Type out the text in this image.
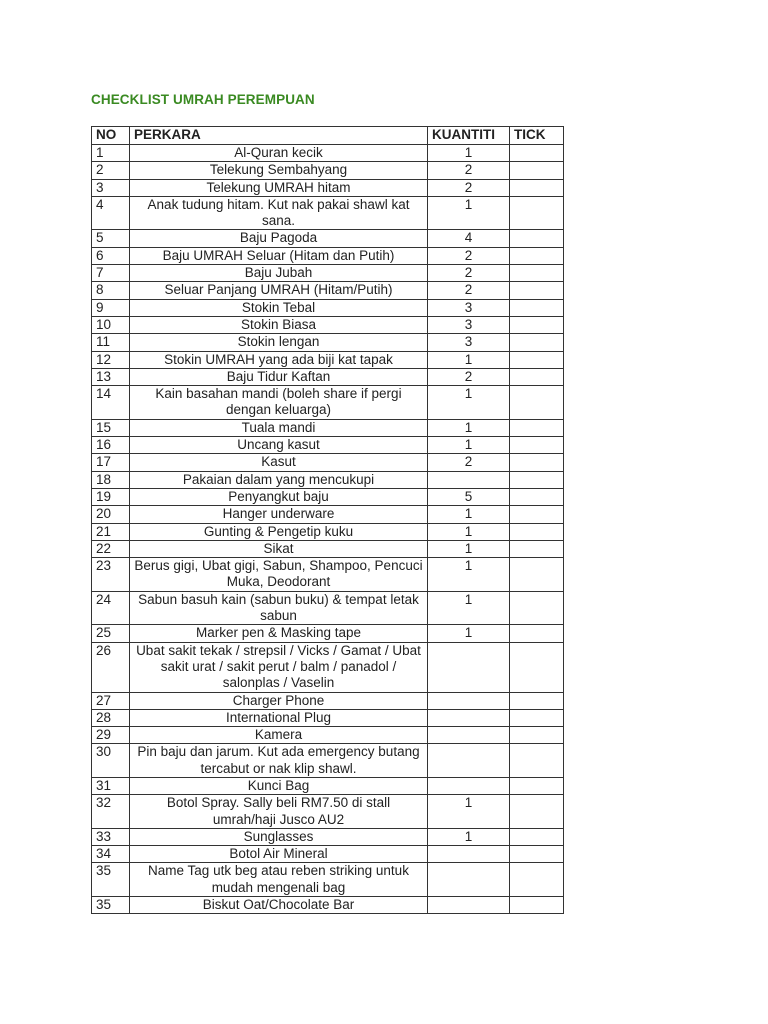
CHECKLIST UMRAH PEREMPUAN
NO	PERKARA	KUANTITI	TICK
1	Al-Quran kecik	1	
2	Telekung Sembahyang	2	
3	Telekung UMRAH hitam	2	
4	Anak tudung hitam. Kut nak pakai shawl kat sana.	1	
5	Baju Pagoda	4	
6	Baju UMRAH Seluar (Hitam dan Putih)	2	
7	Baju Jubah	2	
8	Seluar Panjang UMRAH (Hitam/Putih)	2	
9	Stokin Tebal	3	
10	Stokin Biasa	3	
11	Stokin lengan	3	
12	Stokin UMRAH yang ada biji kat tapak	1	
13	Baju Tidur Kaftan	2	
14	Kain basahan mandi (boleh share if pergi dengan keluarga)	1	
15	Tuala mandi	1	
16	Uncang kasut	1	
17	Kasut	2	
18	Pakaian dalam yang mencukupi		
19	Penyangkut baju	5	
20	Hanger underware	1	
21	Gunting & Pengetip kuku	1	
22	Sikat	1	
23	Berus gigi, Ubat gigi, Sabun, Shampoo, Pencuci Muka, Deodorant	1	
24	Sabun basuh kain (sabun buku) & tempat letak sabun	1	
25	Marker pen & Masking tape	1	
26	Ubat sakit tekak / strepsil / Vicks / Gamat / Ubat sakit urat / sakit perut / balm / panadol / salonplas / Vaselin		
27	Charger Phone		
28	International Plug		
29	Kamera		
30	Pin baju dan jarum. Kut ada emergency butang tercabut or nak klip shawl.		
31	Kunci Bag		
32	Botol Spray. Sally beli RM7.50 di stall umrah/haji Jusco AU2	1	
33	Sunglasses	1	
34	Botol Air Mineral		
35	Name Tag utk beg atau reben striking untuk mudah mengenali bag		
35	Biskut Oat/Chocolate Bar		
